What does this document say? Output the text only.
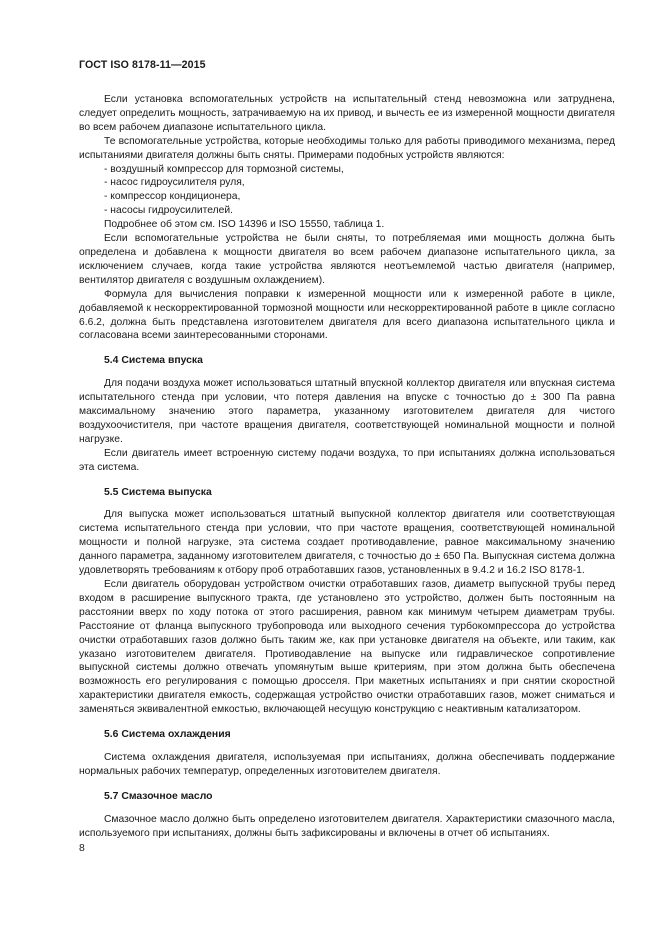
ГОСТ ISO 8178-11—2015

Если установка вспомогательных устройств на испытательный стенд невозможна или затруднена, следует определить мощность, затрачиваемую на их привод, и вычесть ее из измеренной мощности двигателя во всем рабочем диапазоне испытательного цикла.

Те вспомогательные устройства, которые необходимы только для работы приводимого механизма, перед испытаниями двигателя должны быть сняты. Примерами подобных устройств являются:

- воздушный компрессор для тормозной системы,

- насос гидроусилителя руля,

- компрессор кондиционера,

- насосы гидроусилителей.

Подробнее об этом см. ISO 14396 и ISO 15550, таблица 1.

Если вспомогательные устройства не были сняты, то потребляемая ими мощность должна быть определена и добавлена к мощности двигателя во всем рабочем диапазоне испытательного цикла, за исключением случаев, когда такие устройства являются неотъемлемой частью двигателя (например, вентилятор двигателя с воздушным охлаждением).

Формула для вычисления поправки к измеренной мощности или к измеренной работе в цикле, добавляемой к нескорректированной тормозной мощности или нескорректированной работе в цикле согласно 6.6.2, должна быть представлена изготовителем двигателя для всего диапазона испытательного цикла и согласована всеми заинтересованными сторонами.

5.4 Система впуска

Для подачи воздуха может использоваться штатный впускной коллектор двигателя или впускная система испытательного стенда при условии, что потеря давления на впуске с точностью до ± 300 Па равна максимальному значению этого параметра, указанному изготовителем двигателя для чистого воздухоочистителя, при частоте вращения двигателя, соответствующей номинальной мощности и полной нагрузке.

Если двигатель имеет встроенную систему подачи воздуха, то при испытаниях должна использоваться эта система.

5.5 Система выпуска

Для выпуска может использоваться штатный выпускной коллектор двигателя или соответствующая система испытательного стенда при условии, что при частоте вращения, соответствующей номинальной мощности и полной нагрузке, эта система создает противодавление, равное максимальному значению данного параметра, заданному изготовителем двигателя, с точностью до ± 650 Па. Выпускная система должна удовлетворять требованиям к отбору проб отработавших газов, установленных в 9.4.2 и 16.2 ISO 8178-1.

Если двигатель оборудован устройством очистки отработавших газов, диаметр выпускной трубы перед входом в расширение выпускного тракта, где установлено это устройство, должен быть постоянным на расстоянии вверх по ходу потока от этого расширения, равном как минимум четырем диаметрам трубы. Расстояние от фланца выпускного трубопровода или выходного сечения турбокомпрессора до устройства очистки отработавших газов должно быть таким же, как при установке двигателя на объекте, или таким, как указано изготовителем двигателя. Противодавление на выпуске или гидравлическое сопротивление выпускной системы должно отвечать упомянутым выше критериям, при этом должна быть обеспечена возможность его регулирования с помощью дросселя. При макетных испытаниях и при снятии скоростной характеристики двигателя емкость, содержащая устройство очистки отработавших газов, может сниматься и заменяться эквивалентной емкостью, включающей несущую конструкцию с неактивным катализатором.

5.6 Система охлаждения

Система охлаждения двигателя, используемая при испытаниях, должна обеспечивать поддержание нормальных рабочих температур, определенных изготовителем двигателя.

5.7 Смазочное масло

Смазочное масло должно быть определено изготовителем двигателя. Характеристики смазочного масла, используемого при испытаниях, должны быть зафиксированы и включены в отчет об испытаниях.

8
